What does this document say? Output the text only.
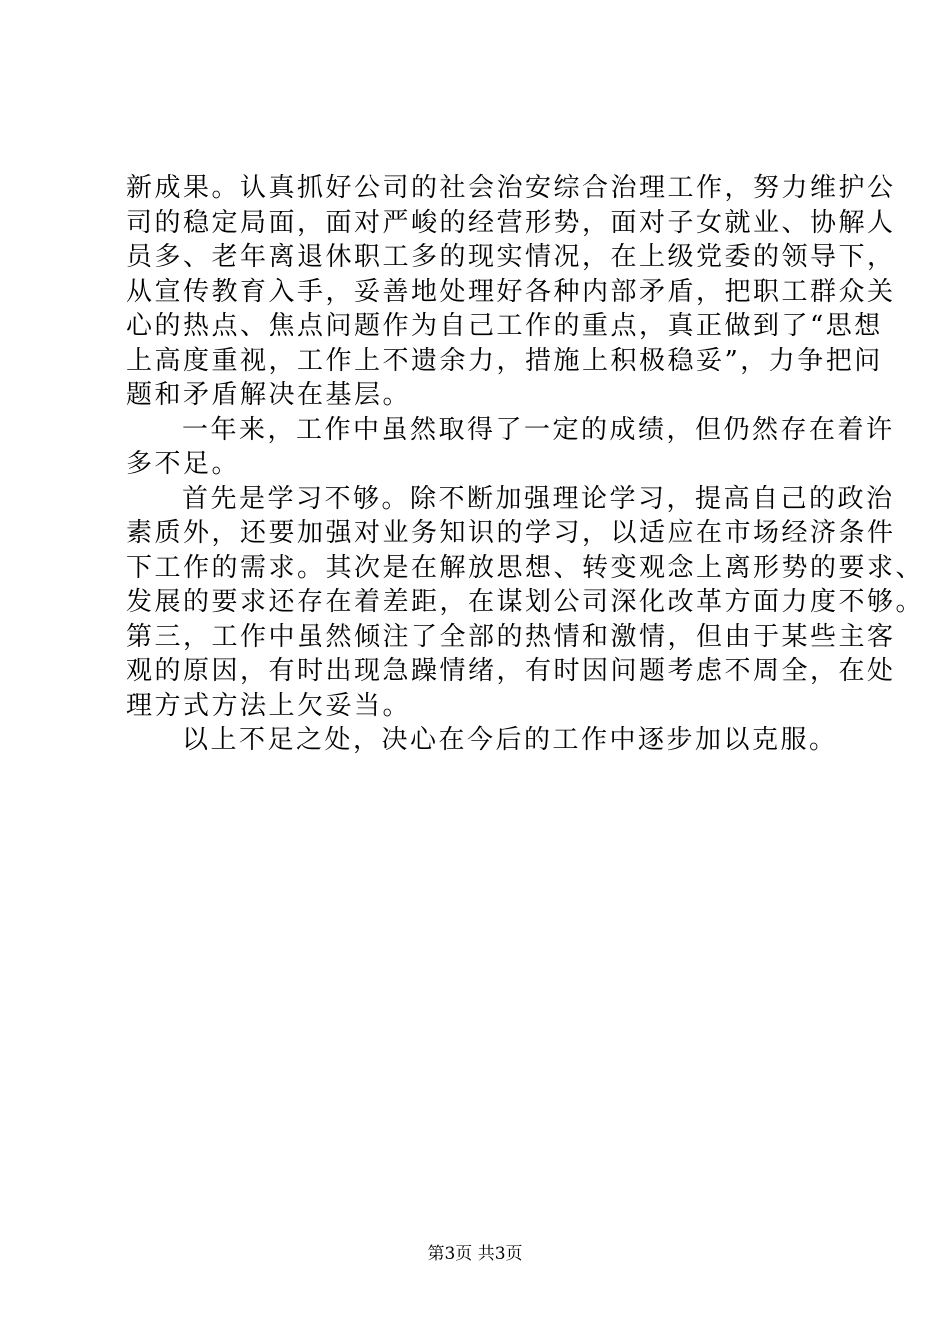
新成果。认真抓好公司的社会治安综合治理工作，努力维护公
司的稳定局面，面对严峻的经营形势，面对子女就业、协解人
员多、老年离退休职工多的现实情况，在上级党委的领导下，
从宣传教育入手，妥善地处理好各种内部矛盾，把职工群众关
心的热点、焦点问题作为自己工作的重点，真正做到了“思想
上高度重视，工作上不遗余力，措施上积极稳妥”，力争把问
题和矛盾解决在基层。
一年来，工作中虽然取得了一定的成绩，但仍然存在着许
多不足。
首先是学习不够。除不断加强理论学习，提高自己的政治
素质外，还要加强对业务知识的学习，以适应在市场经济条件
下工作的需求。其次是在解放思想、转变观念上离形势的要求、
发展的要求还存在着差距，在谋划公司深化改革方面力度不够。
第三，工作中虽然倾注了全部的热情和激情，但由于某些主客
观的原因，有时出现急躁情绪，有时因问题考虑不周全，在处
理方式方法上欠妥当。
以上不足之处，决心在今后的工作中逐步加以克服。
第3页 共3页
